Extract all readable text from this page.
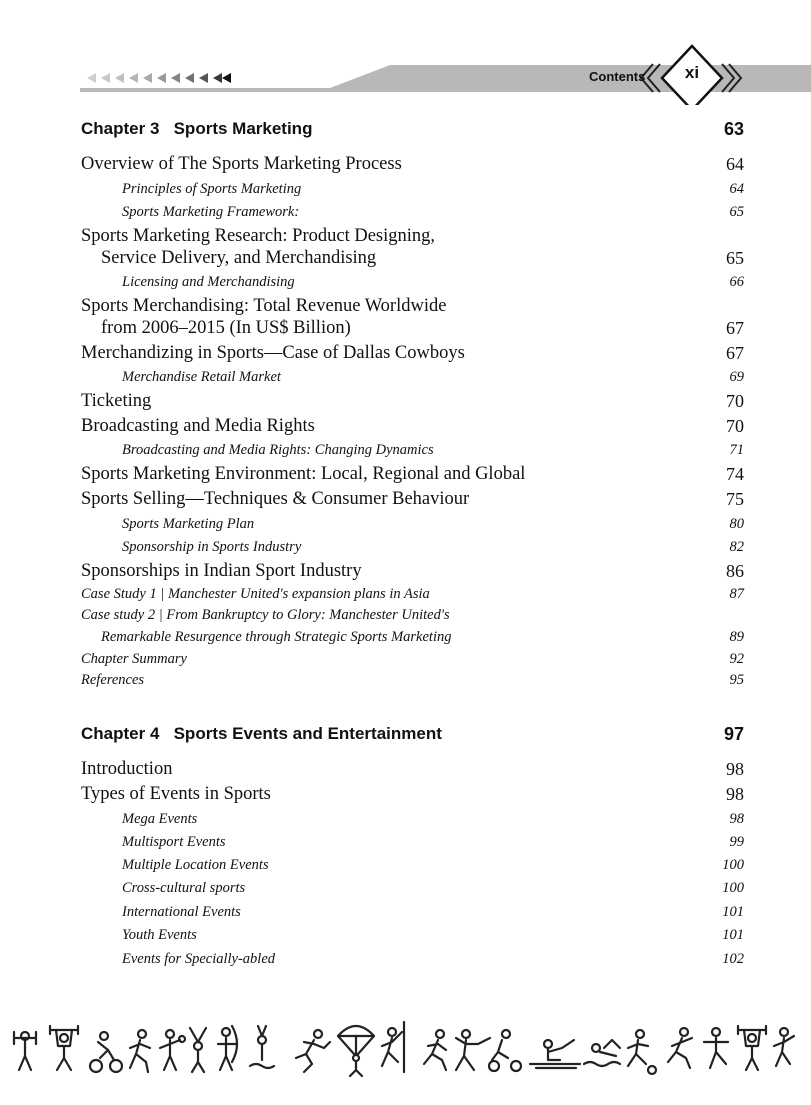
Contents	xi
Chapter 3 Sports Marketing	63
Overview of The Sports Marketing Process	64
Principles of Sports Marketing	64
Sports Marketing Framework:	65
Sports Marketing Research: Product Designing,
Service Delivery, and Merchandising	65
Licensing and Merchandising	66
Sports Merchandising: Total Revenue Worldwide
from 2006–2015 (In US$ Billion)	67
Merchandizing in Sports—Case of Dallas Cowboys	67
Merchandise Retail Market	69
Ticketing	70
Broadcasting and Media Rights	70
Broadcasting and Media Rights: Changing Dynamics	71
Sports Marketing Environment: Local, Regional and Global	74
Sports Selling—Techniques & Consumer Behaviour	75
Sports Marketing Plan	80
Sponsorship in Sports Industry	82
Sponsorships in Indian Sport Industry	86
Case Study 1 | Manchester United's expansion plans in Asia	87
Case study 2 | From Bankruptcy to Glory: Manchester United's
Remarkable Resurgence through Strategic Sports Marketing	89
Chapter Summary	92
References	95
Chapter 4 Sports Events and Entertainment	97
Introduction	98
Types of Events in Sports	98
Mega Events	98
Multisport Events	99
Multiple Location Events	100
Cross-cultural sports	100
International Events	101
Youth Events	101
Events for Specially-abled	102
